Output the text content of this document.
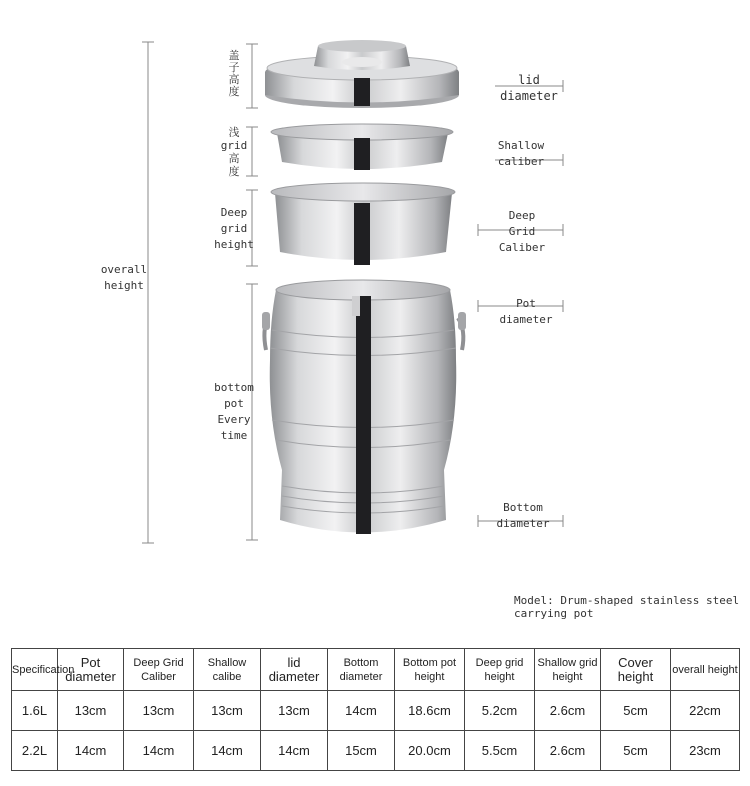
盖子高度
浅
grid
高
度
Deep
grid
height
overall
height
bottom
pot
Every
time
lid diameter
Shallow
caliber
Deep Grid
Caliber
Pot diameter
Bottom
diameter
Model: Drum-shaped stainless steel carrying pot
Specification	Pot diameter	Deep Grid Caliber	Shallow calibe	lid diameter	Bottom diameter	Bottom pot height	Deep grid height	Shallow grid height	Cover height	overall height
1.6L	13cm	13cm	13cm	13cm	14cm	18.6cm	5.2cm	2.6cm	5cm	22cm
2.2L	14cm	14cm	14cm	14cm	15cm	20.0cm	5.5cm	2.6cm	5cm	23cm
